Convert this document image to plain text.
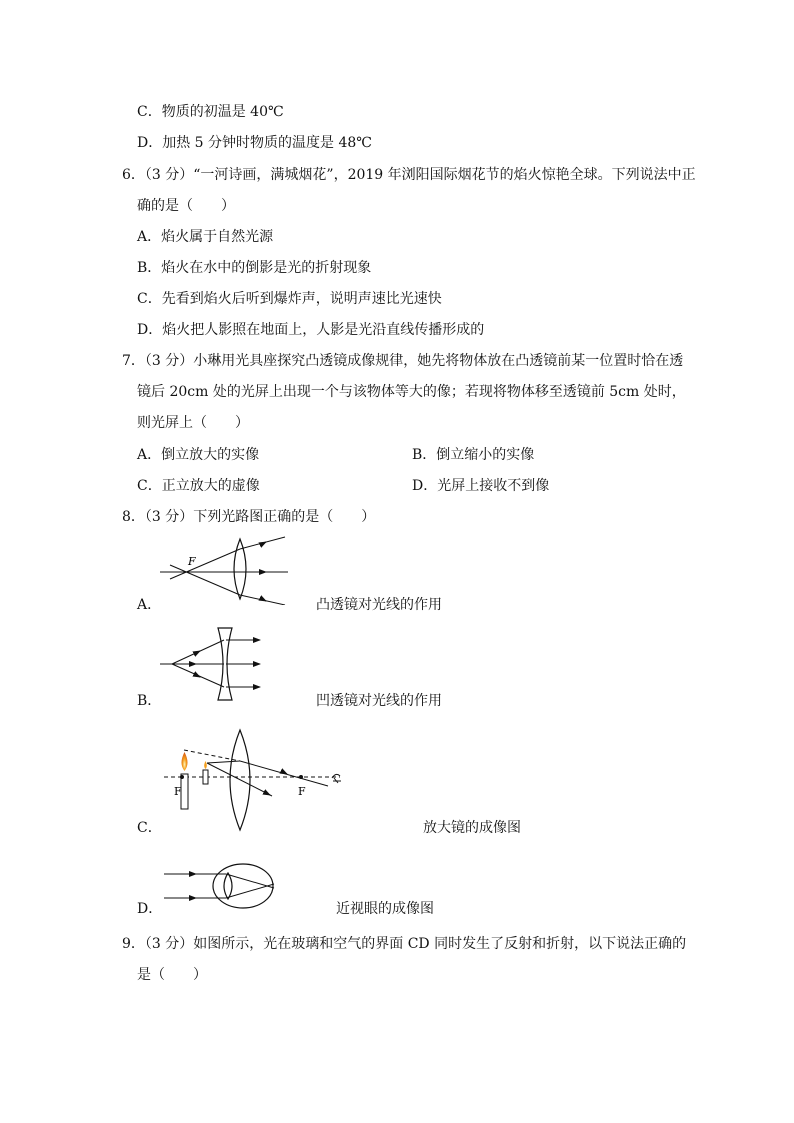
C．物质的初温是 40℃
D．加热 5 分钟时物质的温度是 48℃
6．（3 分）“一河诗画，满城烟花”，2019 年浏阳国际烟花节的焰火惊艳全球。下列说法中正
确的是（　　）
A．焰火属于自然光源
B．焰火在水中的倒影是光的折射现象
C．先看到焰火后听到爆炸声，说明声速比光速快
D．焰火把人影照在地面上，人影是光沿直线传播形成的
7．（3 分）小琳用光具座探究凸透镜成像规律，她先将物体放在凸透镜前某一位置时恰在透
镜后 20cm 处的光屏上出现一个与该物体等大的像；若现将物体移至透镜前 5cm 处时，
则光屏上（　　）
A．倒立放大的实像	B．倒立缩小的实像
C．正立放大的虚像	D．光屏上接收不到像
8．（3 分）下列光路图正确的是（　　）
F
A．	凸透镜对光线的作用
B．	凹透镜对光线的作用
F	F
C．	放大镜的成像图
D．	近视眼的成像图
9．（3 分）如图所示，光在玻璃和空气的界面 CD 同时发生了反射和折射，以下说法正确的
是（　　）
